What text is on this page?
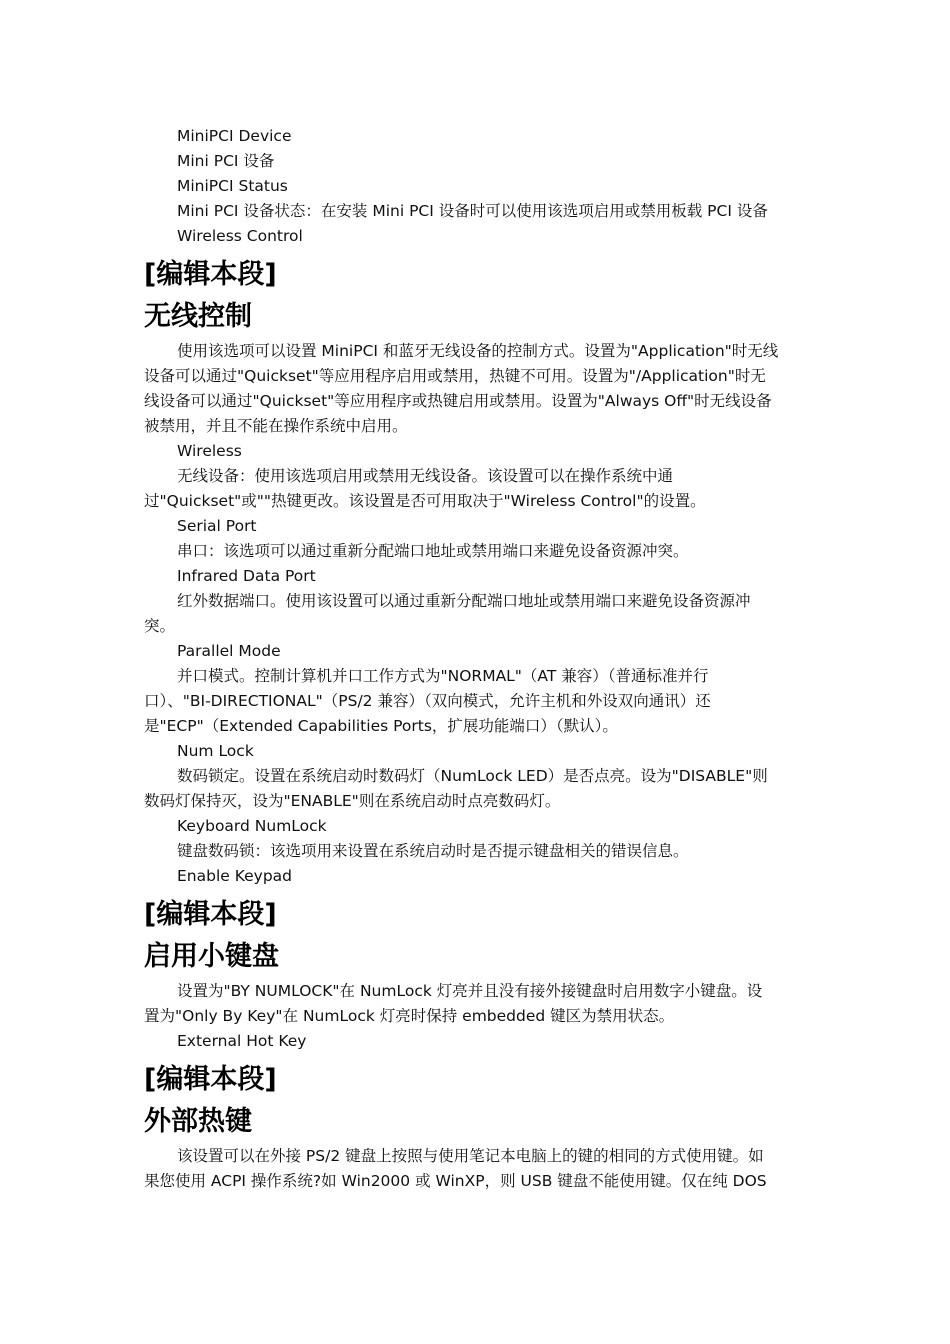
MiniPCI Device

Mini PCI 设备

MiniPCI Status

Mini PCI 设备状态：在安装 Mini PCI 设备时可以使用该选项启用或禁用板载 PCI 设备

Wireless Control

[编辑本段]
无线控制

使用该选项可以设置 MiniPCI 和蓝牙无线设备的控制方式。设置为"Application"时无线

设备可以通过"Quickset"等应用程序启用或禁用，热键不可用。设置为"/Application"时无

线设备可以通过"Quickset"等应用程序或热键启用或禁用。设置为"Always Off"时无线设备

被禁用，并且不能在操作系统中启用。

Wireless

无线设备：使用该选项启用或禁用无线设备。该设置可以在操作系统中通

过"Quickset"或""热键更改。该设置是否可用取决于"Wireless Control"的设置。

Serial Port

串口：该选项可以通过重新分配端口地址或禁用端口来避免设备资源冲突。

Infrared Data Port

红外数据端口。使用该设置可以通过重新分配端口地址或禁用端口来避免设备资源冲

突。

Parallel Mode

并口模式。控制计算机并口工作方式为"NORMAL"（AT 兼容）（普通标准并行

口）、"BI-DIRECTIONAL"（PS/2 兼容）（双向模式，允许主机和外设双向通讯）还

是"ECP"（Extended Capabilities Ports，扩展功能端口）（默认）。

Num Lock

数码锁定。设置在系统启动时数码灯（NumLock LED）是否点亮。设为"DISABLE"则

数码灯保持灭，设为"ENABLE"则在系统启动时点亮数码灯。

Keyboard NumLock

键盘数码锁：该选项用来设置在系统启动时是否提示键盘相关的错误信息。

Enable Keypad

[编辑本段]
启用小键盘

设置为"BY NUMLOCK"在 NumLock 灯亮并且没有接外接键盘时启用数字小键盘。设

置为"Only By Key"在 NumLock 灯亮时保持 embedded 键区为禁用状态。

External Hot Key

[编辑本段]
外部热键

该设置可以在外接 PS/2 键盘上按照与使用笔记本电脑上的键的相同的方式使用键。如

果您使用 ACPI 操作系统?如 Win2000 或 WinXP，则 USB 键盘不能使用键。仅在纯 DOS
